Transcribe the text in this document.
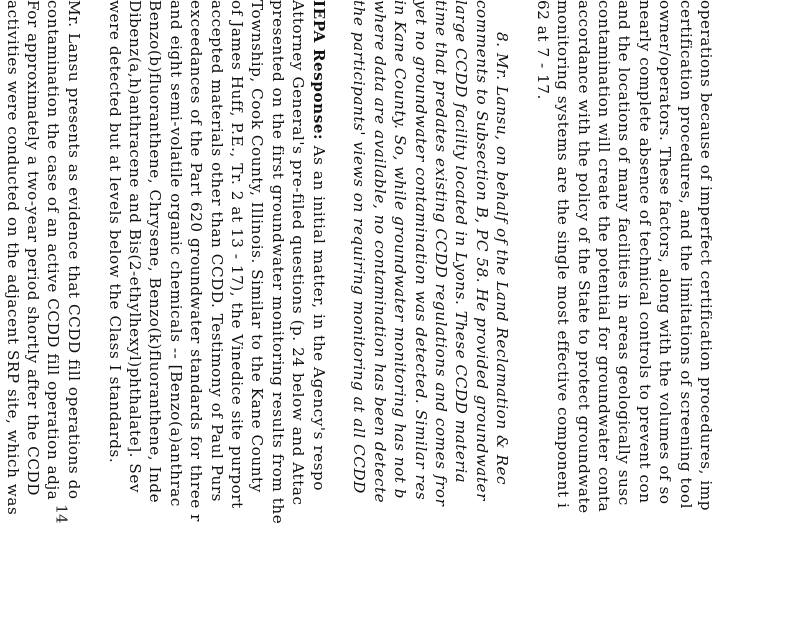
operations because of imperfect certification procedures, imp
certification procedures, and the limitations of screening tool
owner/operators. These factors, along with the volumes of so
nearly complete absence of technical controls to prevent con
and the locations of many facilities in areas geologically susc
contamination will create the potential for groundwater conta
accordance with the policy of the State to protect groundwate
monitoring systems are the single most effective component i
62 at 7 - 17.
8. Mr. Lansu, on behalf of the Land Reclamation & Rec
comments to Subsection B, PC 58. He provided groundwater
large CCDD facility located in Lyons. These CCDD materia
time that predates existing CCDD regulations and comes fror
yet no groundwater contamination was detected. Similar res
in Kane County. So, while groundwater monitoring has not b
where data are available, no contamination has been detecte
the participants' views on requiring monitoring at all CCDD
IEPA Response: As an initial matter, in the Agency's respo
Attorney General's pre-filed questions (p. 24 below and Attac
presented on the first groundwater monitoring results from the
Township, Cook County, Illinois. Similar to the Kane County
of James Huff, P.E., Tr. 2 at 13 - 17), the Vinedice site purport
accepted materials other than CCDD. Testimony of Paul Purs
exceedances of the Part 620 groundwater standards for three r
and eight semi-volatile organic chemicals -- [Benzo(a)anthrac
Benzo(b)fluoranthene, Chrysene, Benzo(k)fluoranthene, Inde
Dibenz(a,h)anthracene and Bis(2-ethylhexyl)phthalate]. Sev
were detected but at levels below the Class I standards.
Mr. Lansu presents as evidence that CCDD fill operations do
contamination the case of an active CCDD fill operation adja
For approximately a two-year period shortly after the CCDD
activities were conducted on the adjacent SRP site, which was 14
